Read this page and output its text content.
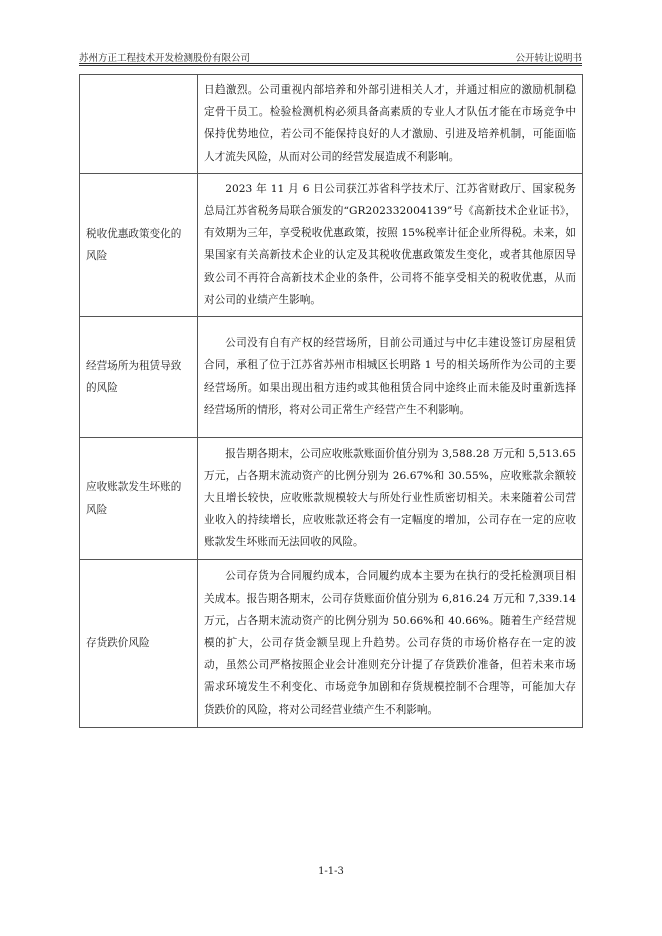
苏州方正工程技术开发检测股份有限公司	公开转让说明书

	日趋激烈。公司重视内部培养和外部引进相关人才，并通过相应的激励机制稳定骨干员工。检验检测机构必须具备高素质的专业人才队伍才能在市场竞争中保持优势地位，若公司不能保持良好的人才激励、引进及培养机制，可能面临人才流失风险，从而对公司的经营发展造成不利影响。

税收优惠政策变化的风险	2023 年 11 月 6 日公司获江苏省科学技术厅、江苏省财政厅、国家税务总局江苏省税务局联合颁发的“GR202332004139”号《高新技术企业证书》，有效期为三年，享受税收优惠政策，按照 15%税率计征企业所得税。未来，如果国家有关高新技术企业的认定及其税收优惠政策发生变化，或者其他原因导致公司不再符合高新技术企业的条件，公司将不能享受相关的税收优惠，从而对公司的业绩产生影响。

经营场所为租赁导致的风险	公司没有自有产权的经营场所，目前公司通过与中亿丰建设签订房屋租赁合同，承租了位于江苏省苏州市相城区长明路 1 号的相关场所作为公司的主要经营场所。如果出现出租方违约或其他租赁合同中途终止而未能及时重新选择经营场所的情形，将对公司正常生产经营产生不利影响。

应收账款发生坏账的风险	报告期各期末，公司应收账款账面价值分别为 3,588.28 万元和 5,513.65 万元，占各期末流动资产的比例分别为 26.67%和 30.55%，应收账款余额较大且增长较快，应收账款规模较大与所处行业性质密切相关。未来随着公司营业收入的持续增长，应收账款还将会有一定幅度的增加，公司存在一定的应收账款发生坏账而无法回收的风险。

存货跌价风险	公司存货为合同履约成本，合同履约成本主要为在执行的受托检测项目相关成本。报告期各期末，公司存货账面价值分别为 6,816.24 万元和 7,339.14 万元，占各期末流动资产的比例分别为 50.66%和 40.66%。随着生产经营规模的扩大，公司存货金额呈现上升趋势。公司存货的市场价格存在一定的波动，虽然公司严格按照企业会计准则充分计提了存货跌价准备，但若未来市场需求环境发生不利变化、市场竞争加剧和存货规模控制不合理等，可能加大存货跌价的风险，将对公司经营业绩产生不利影响。

1-1-3
